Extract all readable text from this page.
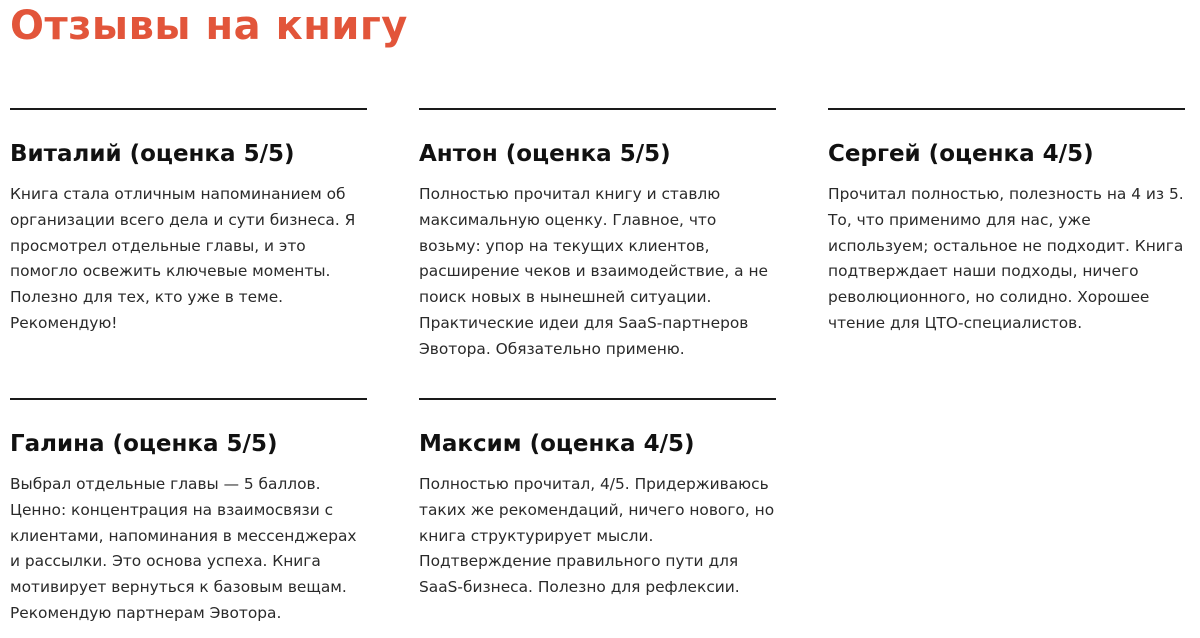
Отзывы на книгу
Виталий (оценка 5/5)

Книга стала отличным напоминанием об организации всего дела и сути бизнеса. Я просмотрел отдельные главы, и это помогло освежить ключевые моменты. Полезно для тех, кто уже в теме. Рекомендую!

Антон (оценка 5/5)

Полностью прочитал книгу и ставлю максимальную оценку. Главное, что возьму: упор на текущих клиентов, расширение чеков и взаимодействие, а не поиск новых в нынешней ситуации. Практические идеи для SaaS-партнеров Эвотора. Обязательно применю.

Сергей (оценка 4/5)

Прочитал полностью, полезность на 4 из 5. То, что применимо для нас, уже используем; остальное не подходит. Книга подтверждает наши подходы, ничего революционного, но солидно. Хорошее чтение для ЦТО-специалистов.

Галина (оценка 5/5)

Выбрал отдельные главы — 5 баллов. Ценно: концентрация на взаимосвязи с клиентами, напоминания в мессенджерах и рассылки. Это основа успеха. Книга мотивирует вернуться к базовым вещам. Рекомендую партнерам Эвотора.

Максим (оценка 4/5)

Полностью прочитал, 4/5. Придерживаюсь таких же рекомендаций, ничего нового, но книга структурирует мысли. Подтверждение правильного пути для SaaS-бизнеса. Полезно для рефлексии.
